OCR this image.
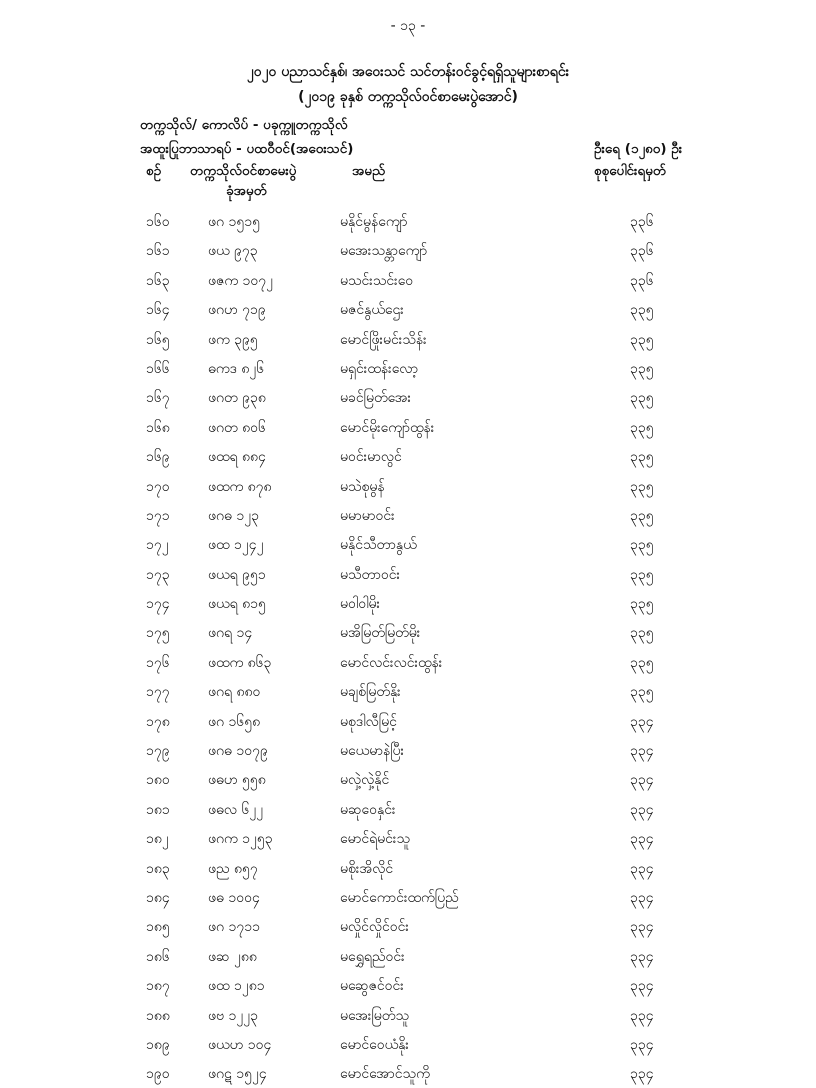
- ၁၃ -
၂၀၂၀ ပညာသင်နှစ်၊ အဝေးသင် သင်တန်းဝင်ခွင့်ရရှိသူများစာရင်း
(၂၀၁၉ ခုနှစ် တက္ကသိုလ်ဝင်စာမေးပွဲအောင်)
တက္ကသိုလ်/ ကောလိပ် - ပခုက္ကူတက္ကသိုလ်
အထူးပြုဘာသာရပ် - ပထဝီဝင်(အဝေးသင်)	ဦးရေ (၁၂၈၀) ဦး
စဉ် တက္ကသိုလ်ဝင်စာမေးပွဲ
ခုံအမှတ်
အမည်	စုစုပေါင်းရမှတ်
၁၆၀	ဖဂ ၁၅၁၅	မနိုင်မွန်ကျော်	၃၃၆
၁၆၁	ဖယ ၉၇၃	မအေးသန္တာကျော်	၃၃၆
၁၆၃	ဖဇက ၁၀၇၂	မသင်းသင်းဝေ	၃၃၆
၁၆၄	ဖဂဟ ၇၁၉	မဇင်နွယ်ဌေး	၃၃၅
၁၆၅	ဖက ၃၉၅	မောင်ဖြိုးမင်းသိန်း	၃၃၅
၁၆၆	ဓကဒ ၈၂၆	မရှင်းထန်းလော့	၃၃၅
၁၆၇	ဖဂတ ၉၃၈	မခင်မြတ်အေး	၃၃၅
၁၆၈	ဖဂတ ၈၀၆	မောင်မိုးကျော်ထွန်း	၃၃၅
၁၆၉	ဖထရ ၈၈၄	မဝင်းမာလွင်	၃၃၅
၁၇၀	ဖထက ၈၇၈	မသဲစုမွန်	၃၃၅
၁၇၁	ဖဂဓ ၁၂၃	မမာမာဝင်း	၃၃၅
၁၇၂	ဖထ ၁၂၄၂	မနိုင်သီတာနွယ်	၃၃၅
၁၇၃	ဖယရ ၉၅၁	မသီတာဝင်း	၃၃၅
၁၇၄	ဖယရ ၈၁၅	မဝါဝါမိုး	၃၃၅
၁၇၅	ဖဂရ ၁၄	မအိမြတ်မြတ်မိုး	၃၃၅
၁၇၆	ဖထက ၈၆၃	မောင်လင်းလင်းထွန်း	၃၃၅
၁၇၇	ဖဂရ ၈၈၀	မချစ်မြတ်နိုး	၃၃၅
၁၇၈	ဖဂ ၁၆၅၈	မစုဒါလီမြင့်	၃၃၄
၁၇၉	ဖဂဓ ၁၀၇၉	မယေမာနဲပြီး	၃၃၄
၁၈၀	ဖဓဟ ၅၅၈	မလှဲ့လှဲ့နိုင်	၃၃၄
၁၈၁	ဖဓလ ၆၂၂	မဆုဝေနှင်း	၃၃၄
၁၈၂	ဖဂက ၁၂၅၃	မောင်ရဲမင်းသူ	၃၃၄
၁၈၃	ဖည ၈၅၇	မစိုးအိလိုင်	၃၃၄
၁၈၄	ဖဓ ၁၀၀၄	မောင်ကောင်းထက်ပြည်	၃၃၄
၁၈၅	ဖဂ ၁၇၁၁	မလှိုင်လှိုင်ဝင်း	၃၃၄
၁၈၆	ဖဆ ၂၈၈	မရွှေရည်ဝင်း	၃၃၄
၁၈၇	ဖထ ၁၂၈၁	မဆွေဇင်ဝင်း	၃၃၄
၁၈၈	ဖဗ ၁၂၂၃	မအေးမြတ်သူ	၃၃၄
၁၈၉	ဖယဟ ၁၀၄	မောင်ဝေယံနိုး	၃၃၄
၁၉၀	ဖဂဋ ၁၅၂၄	မောင်အောင်သူကို	၃၃၄
